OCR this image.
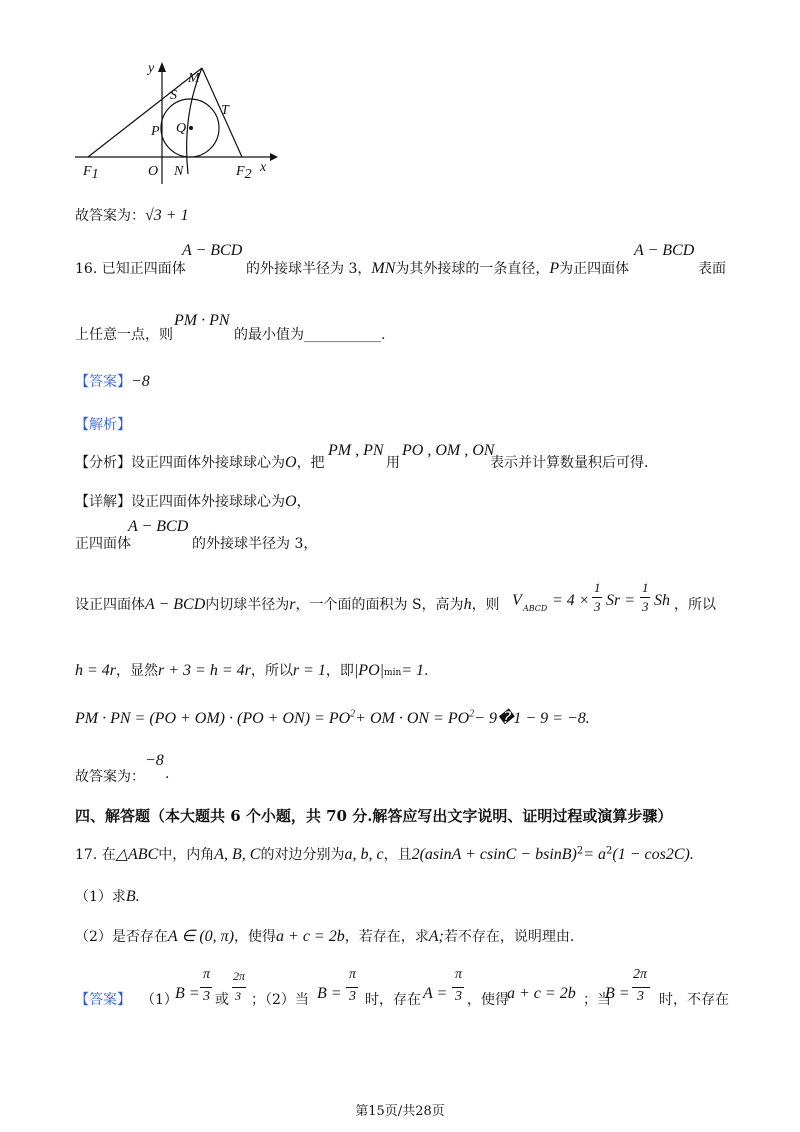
y
M
S
T
P Q
O N
F1	F2 x
故答案为：√3 + 1
16. 已知正四面体
A − BCD
的外接球半径为 3，MN为其外接球的一条直径，P为正四面体
A − BCD
表面
上任意一点，则
PM · PN
的最小值为___________.
【答案】−8
【解析】
【分析】设正四面体外接球球心为O，把
PM , PN
用
PO , OM , ON
表示并计算数量积后可得.
【详解】设正四面体外接球球心为O，
正四面体
A − BCD
的外接球半径为 3，
设正四面体A − BCD内切球半径为r，一个面的面积为 S，高为h，则 V ABCD = 4 ×
1
3 Sr =
1
3 Sh ，所以
h = 4r，显然r + 3 = h = 4r，所以r = 1，即|PO|min= 1.
PM · PN = $(PO + OM) \cdot (PO + ON) = PO^2+$ OM · ON = $PO^2-$ 9�1 − 9 = −8.
故答案为：
−8
.
四、解答题（本大题共 6 个小题，共 70 分.解答应写出文字说明、证明过程或演算步骤）
17. 在△ABC中，内角A, B, C的对边分别为a, b, c，且$2(asinA + csinC - bsinB)^2= a^2(1 - \cos 2C)$.
（1）求B.
（2）是否存在A ∈ (0, π)，使得a + c = 2b，若存在，求A;若不存在，说明理由.
【答案】 （1）
B =
π
3 或
2π
3 ；（2）当 B =
π
3 时，存在 A =
π
3 ，使得
a + c = 2b ；当
B =
2π
3 时，不存在
第15页/共28页
